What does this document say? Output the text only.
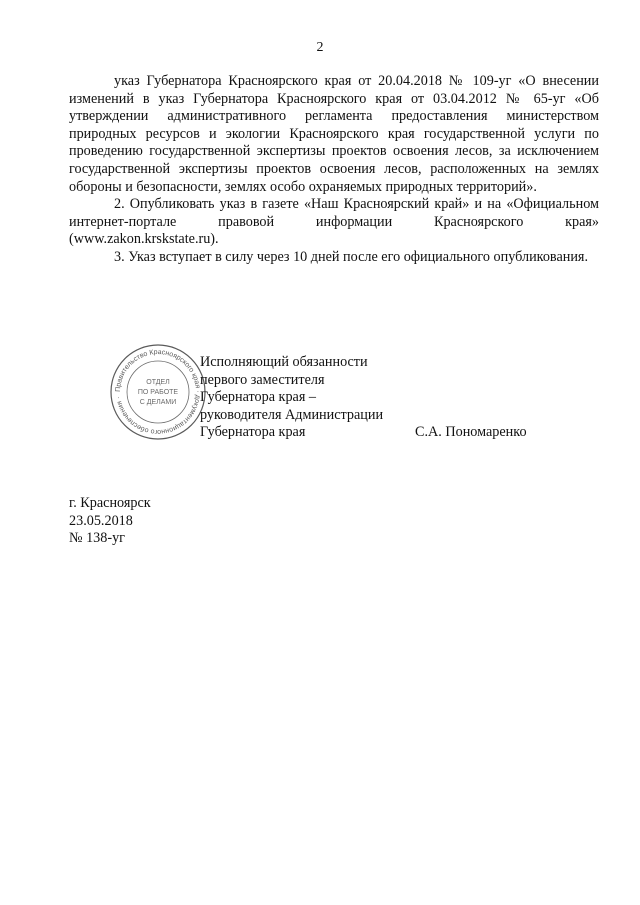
2

указ Губернатора Красноярского края от 20.04.2018 № 109-уг «О внесении изменений в указ Губернатора Красноярского края от 03.04.2012 № 65-уг «Об утверждении административного регламента предоставления министерством природных ресурсов и экологии Красноярского края государственной услуги по проведению государственной экспертизы проектов освоения лесов, за исключением государственной экспертизы проектов освоения лесов, расположенных на землях обороны и безопасности, землях особо охраняемых природных территорий».

2. Опубликовать указ в газете «Наш Красноярский край» и на «Официальном интернет-портале правовой информации Красноярского края» (www.zakon.krskstate.ru).

3. Указ вступает в силу через 10 дней после его официального опубликования.

Правительство Красноярского края · документационного обеспечения ·
ОТДЕЛ
ПО РАБОТЕ
С ДЕЛАМИ
Исполняющий обязанности
первого заместителя
Губернатора края –
руководителя Администрации
Губернатора края	С.А. Пономаренко
г. Красноярск
23.05.2018
№ 138-уг
